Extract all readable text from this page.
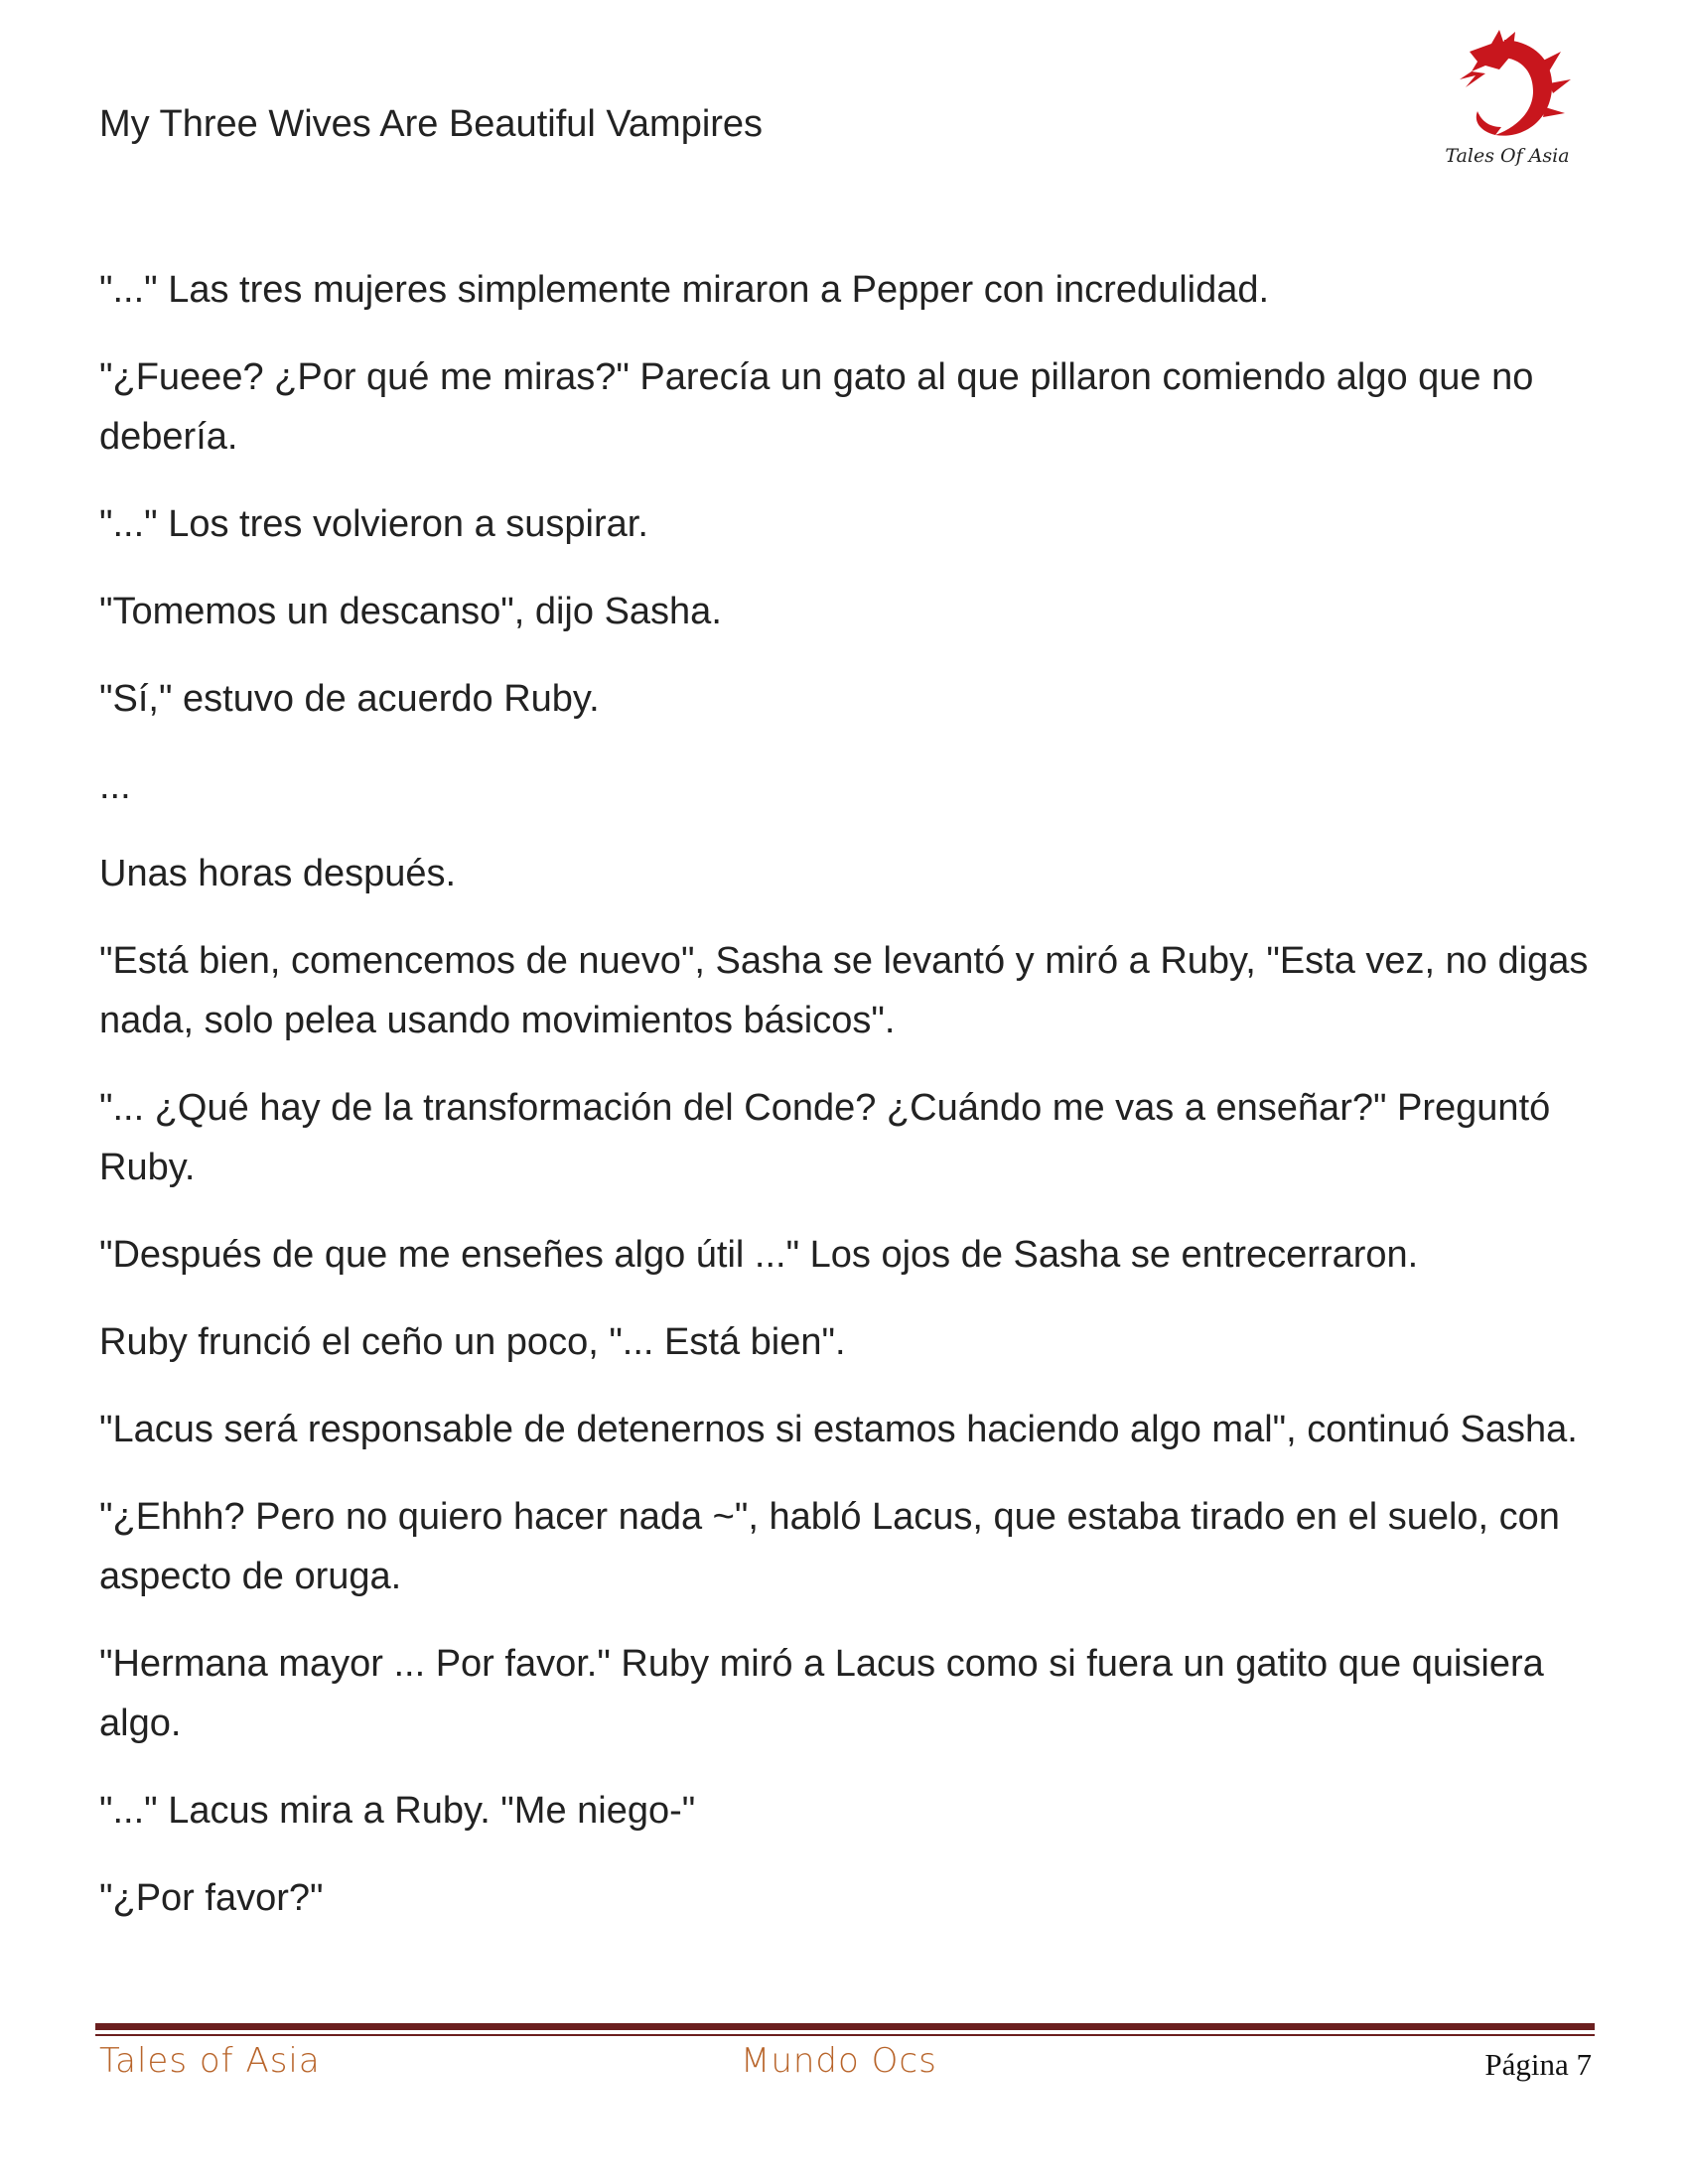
My Three Wives Are Beautiful Vampires
Tales Of Asia

"..." Las tres mujeres simplemente miraron a Pepper con incredulidad.

"¿Fueee? ¿Por qué me miras?" Parecía un gato al que pillaron comiendo algo que no debería.

"..." Los tres volvieron a suspirar.

"Tomemos un descanso", dijo Sasha.

"Sí," estuvo de acuerdo Ruby.

...

Unas horas después.

"Está bien, comencemos de nuevo", Sasha se levantó y miró a Ruby, "Esta vez, no digas nada, solo pelea usando movimientos básicos".

"... ¿Qué hay de la transformación del Conde? ¿Cuándo me vas a enseñar?" Preguntó Ruby.

"Después de que me enseñes algo útil ..." Los ojos de Sasha se entrecerraron.

Ruby frunció el ceño un poco, "... Está bien".

"Lacus será responsable de detenernos si estamos haciendo algo mal", continuó Sasha.

"¿Ehhh? Pero no quiero hacer nada ~", habló Lacus, que estaba tirado en el suelo, con aspecto de oruga.

"Hermana mayor ... Por favor." Ruby miró a Lacus como si fuera un gatito que quisiera algo.

"..." Lacus mira a Ruby. "Me niego-"

"¿Por favor?"

Tales of Asia	Mundo Ocs	Página 7
